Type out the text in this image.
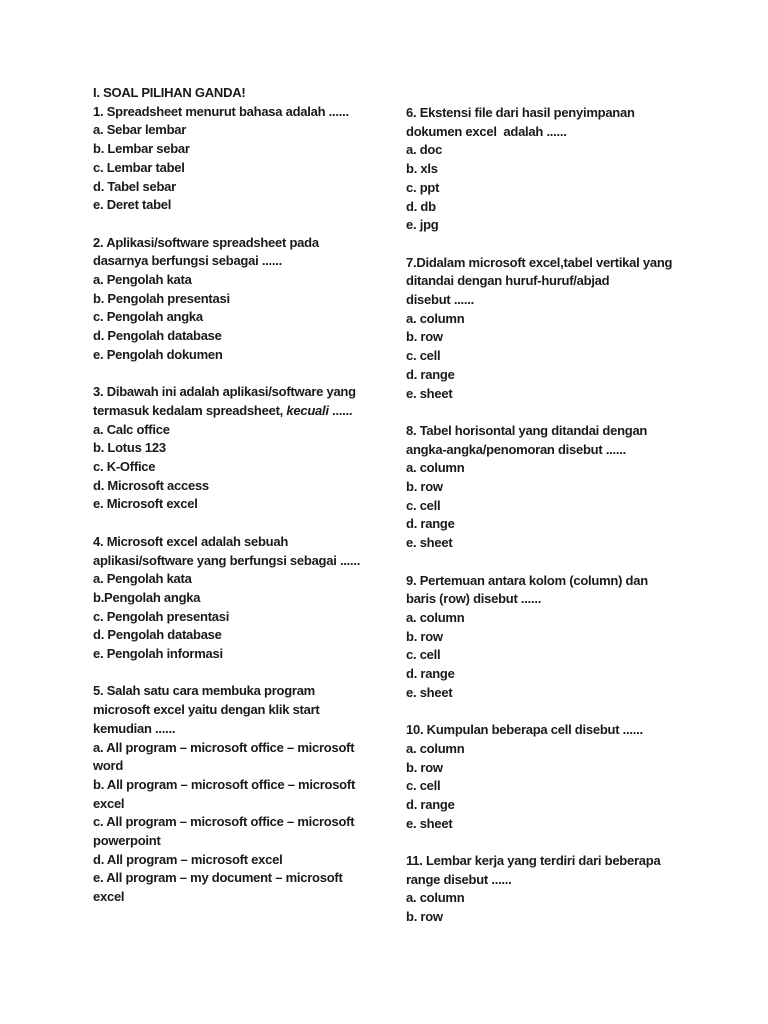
I. SOAL PILIHAN GANDA!
1. Spreadsheet menurut bahasa adalah ......
a. Sebar lembar
b. Lembar sebar
c. Lembar tabel
d. Tabel sebar
e. Deret tabel
2. Aplikasi/software spreadsheet pada
dasarnya berfungsi sebagai ......
a. Pengolah kata
b. Pengolah presentasi
c. Pengolah angka
d. Pengolah database
e. Pengolah dokumen
3. Dibawah ini adalah aplikasi/software yang
termasuk kedalam spreadsheet, kecuali ......
a. Calc office
b. Lotus 123
c. K-Office
d. Microsoft access
e. Microsoft excel
4. Microsoft excel adalah sebuah
aplikasi/software yang berfungsi sebagai ......
a. Pengolah kata
b.Pengolah angka
c. Pengolah presentasi
d. Pengolah database
e. Pengolah informasi
5. Salah satu cara membuka program
microsoft excel yaitu dengan klik start
kemudian ......
a. All program – microsoft office – microsoft
word
b. All program – microsoft office – microsoft
excel
c. All program – microsoft office – microsoft
powerpoint
d. All program – microsoft excel
e. All program – my document – microsoft
excel
6. Ekstensi file dari hasil penyimpanan
dokumen excel  adalah ......
a. doc
b. xls
c. ppt
d. db
e. jpg
7.Didalam microsoft excel,tabel vertikal yang
ditandai dengan huruf-huruf/abjad
disebut ......
a. column
b. row
c. cell
d. range
e. sheet
8. Tabel horisontal yang ditandai dengan
angka-angka/penomoran disebut ......
a. column
b. row
c. cell
d. range
e. sheet
9. Pertemuan antara kolom (column) dan
baris (row) disebut ......
a. column
b. row
c. cell
d. range
e. sheet
10. Kumpulan beberapa cell disebut ......
a. column
b. row
c. cell
d. range
e. sheet
11. Lembar kerja yang terdiri dari beberapa
range disebut ......
a. column
b. row
